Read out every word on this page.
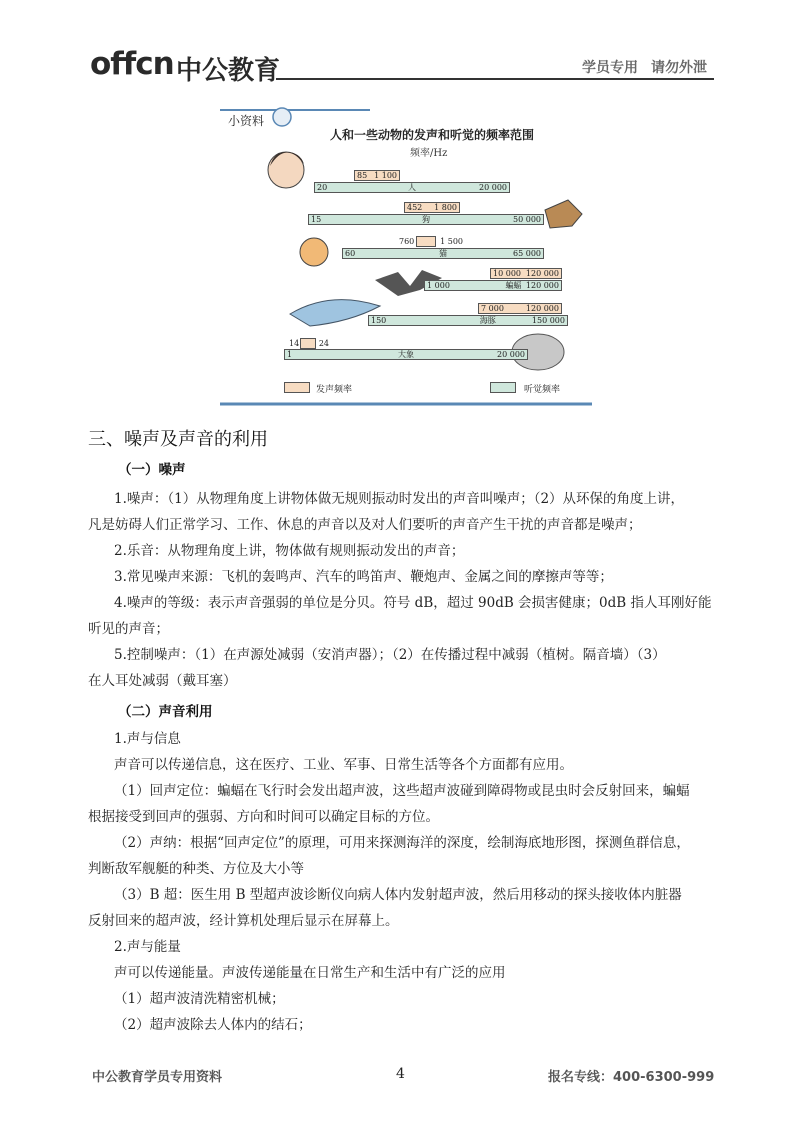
offcn 中公教育	学员专用 请勿外泄
发声频率	听觉频率
85 1 100
20	人	20 000
452 1 800
15	狗	50 000
760	1 500
60	猫	65 000
10 000 120 000
1 000	蝙蝠 120 000
7 000	120 000
150	海豚	150 000
14 24
1	大象	20 000
小资料
人和一些动物的发声和听觉的频率范围
频率/Hz
三、噪声及声音的利用
（一）噪声
1.噪声：（1）从物理角度上讲物体做无规则振动时发出的声音叫噪声；（2）从环保的角度上讲，
凡是妨碍人们正常学习、工作、休息的声音以及对人们要听的声音产生干扰的声音都是噪声；
2.乐音：从物理角度上讲，物体做有规则振动发出的声音；
3.常见噪声来源：飞机的轰鸣声、汽车的鸣笛声、鞭炮声、金属之间的摩擦声等等；
4.噪声的等级：表示声音强弱的单位是分贝。符号 dB，超过 90dB 会损害健康；0dB 指人耳刚好能
听见的声音；
5.控制噪声：（1）在声源处减弱（安消声器）；（2）在传播过程中减弱（植树。隔音墙）（3）
在人耳处减弱（戴耳塞）
（二）声音利用
1.声与信息
声音可以传递信息，这在医疗、工业、军事、日常生活等各个方面都有应用。
（1）回声定位：蝙蝠在飞行时会发出超声波，这些超声波碰到障碍物或昆虫时会反射回来，蝙蝠
根据接受到回声的强弱、方向和时间可以确定目标的方位。
（2）声纳：根据“回声定位”的原理，可用来探测海洋的深度，绘制海底地形图，探测鱼群信息，
判断敌军舰艇的种类、方位及大小等
（3）B 超：医生用 B 型超声波诊断仪向病人体内发射超声波，然后用移动的探头接收体内脏器
反射回来的超声波，经计算机处理后显示在屏幕上。
2.声与能量
声可以传递能量。声波传递能量在日常生产和生活中有广泛的应用
（1）超声波清洗精密机械；
（2）超声波除去人体内的结石；
中公教育学员专用资料	4	报名专线：400-6300-999
